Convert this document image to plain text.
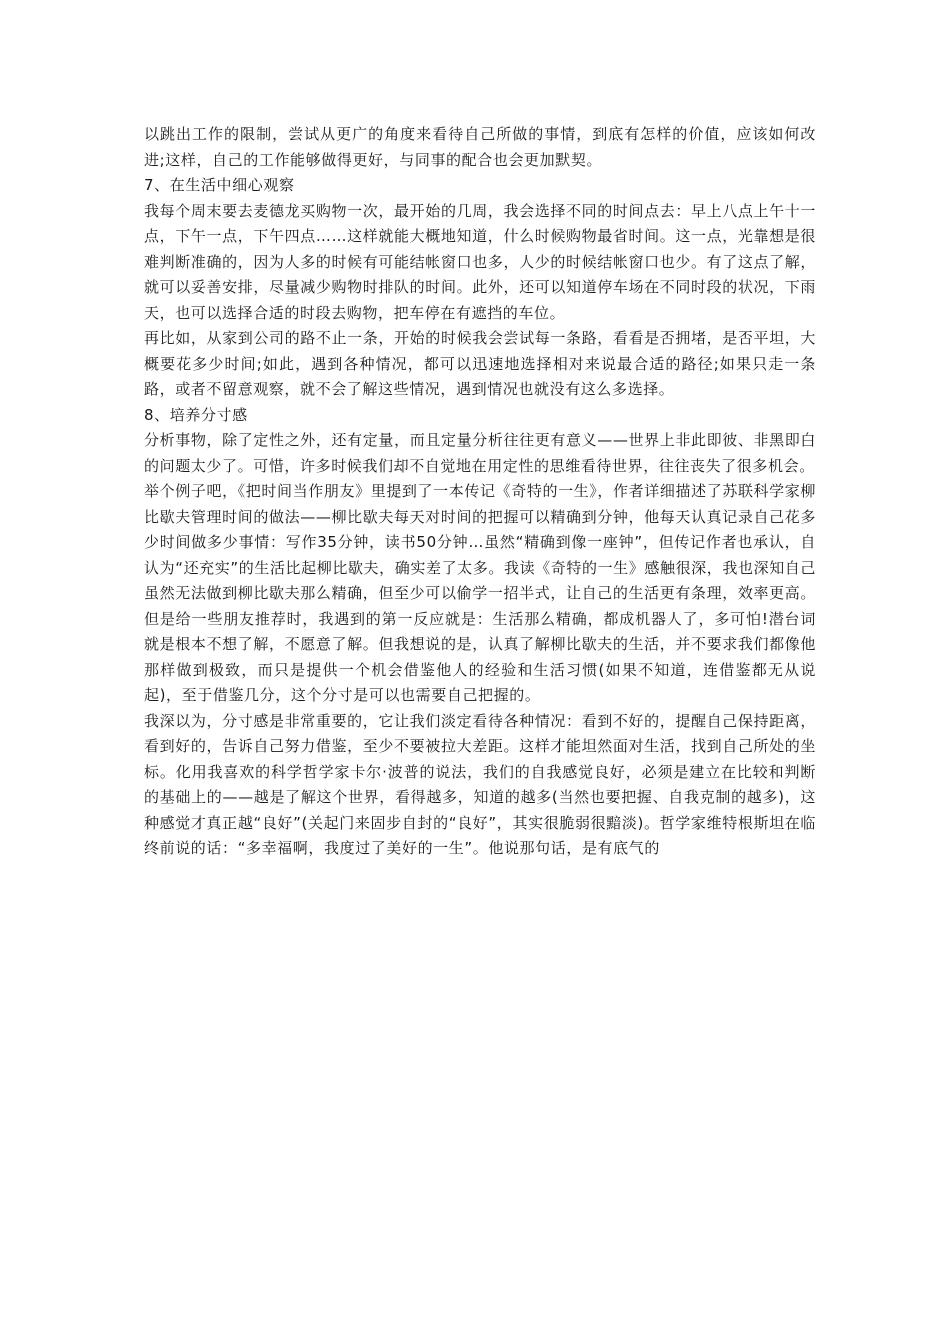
以跳出工作的限制，尝试从更广的角度来看待自己所做的事情，到底有怎样的价值，应该如何改进;这样，自己的工作能够做得更好，与同事的配合也会更加默契。

7、在生活中细心观察

我每个周末要去麦德龙买购物一次，最开始的几周，我会选择不同的时间点去：早上八点上午十一点，下午一点，下午四点……这样就能大概地知道，什么时候购物最省时间。这一点，光靠想是很难判断准确的，因为人多的时候有可能结帐窗口也多，人少的时候结帐窗口也少。有了这点了解，就可以妥善安排，尽量减少购物时排队的时间。此外，还可以知道停车场在不同时段的状况，下雨天，也可以选择合适的时段去购物，把车停在有遮挡的车位。

再比如，从家到公司的路不止一条，开始的时候我会尝试每一条路，看看是否拥堵，是否平坦，大概要花多少时间;如此，遇到各种情况，都可以迅速地选择相对来说最合适的路径;如果只走一条路，或者不留意观察，就不会了解这些情况，遇到情况也就没有这么多选择。

8、培养分寸感

分析事物，除了定性之外，还有定量，而且定量分析往往更有意义——世界上非此即彼、非黑即白的问题太少了。可惜，许多时候我们却不自觉地在用定性的思维看待世界，往往丧失了很多机会。

举个例子吧，《把时间当作朋友》里提到了一本传记《奇特的一生》，作者详细描述了苏联科学家柳比歇夫管理时间的做法——柳比歇夫每天对时间的把握可以精确到分钟，他每天认真记录自己花多少时间做多少事情：写作35分钟，读书50分钟…虽然“精确到像一座钟”，但传记作者也承认，自认为“还充实”的生活比起柳比歇夫，确实差了太多。我读《奇特的一生》感触很深，我也深知自己虽然无法做到柳比歇夫那么精确，但至少可以偷学一招半式，让自己的生活更有条理，效率更高。但是给一些朋友推荐时，我遇到的第一反应就是：生活那么精确，都成机器人了，多可怕!潜台词就是根本不想了解，不愿意了解。但我想说的是，认真了解柳比歇夫的生活，并不要求我们都像他那样做到极致，而只是提供一个机会借鉴他人的经验和生活习惯(如果不知道，连借鉴都无从说起)，至于借鉴几分，这个分寸是可以也需要自己把握的。

我深以为，分寸感是非常重要的，它让我们淡定看待各种情况：看到不好的，提醒自己保持距离，看到好的，告诉自己努力借鉴，至少不要被拉大差距。这样才能坦然面对生活，找到自己所处的坐标。化用我喜欢的科学哲学家卡尔·波普的说法，我们的自我感觉良好，必须是建立在比较和判断的基础上的——越是了解这个世界，看得越多，知道的越多(当然也要把握、自我克制的越多)，这种感觉才真正越“良好”(关起门来固步自封的“良好”，其实很脆弱很黯淡)。哲学家维特根斯坦在临终前说的话：“多幸福啊，我度过了美好的一生”。他说那句话，是有底气的
